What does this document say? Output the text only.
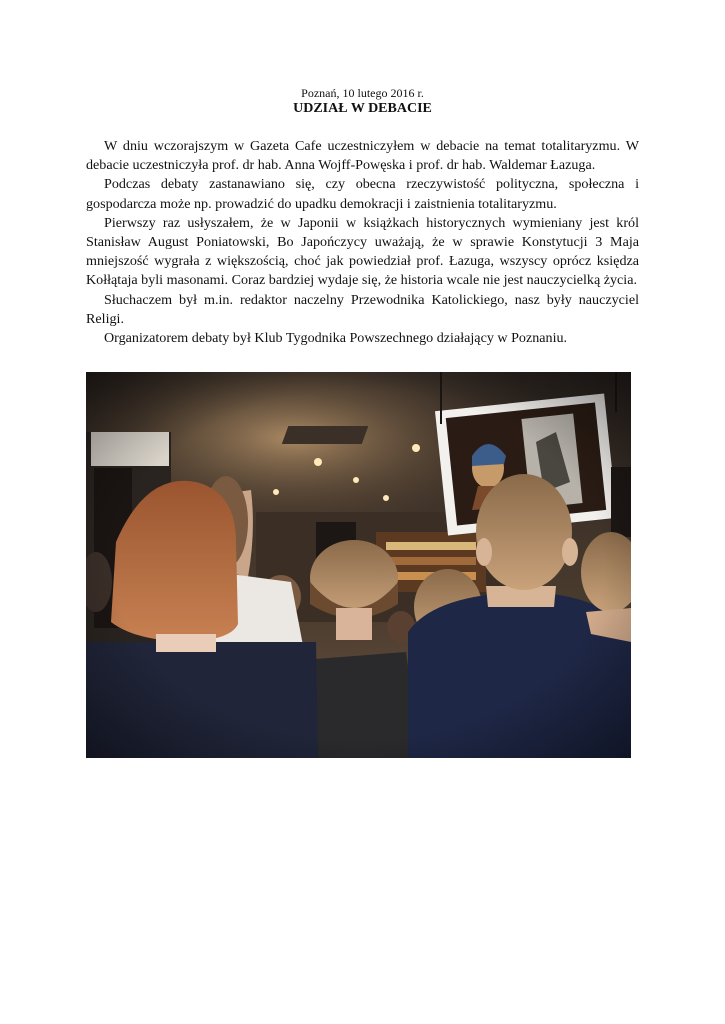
Poznań, 10 lutego 2016 r.
UDZIAŁ W DEBACIE

W dniu wczorajszym w Gazeta Cafe uczestniczyłem w debacie na temat totalitaryzmu. W debacie uczestniczyła prof. dr hab. Anna Wojff-Powęska i prof. dr hab. Waldemar Łazuga.

Podczas debaty zastanawiano się, czy obecna rzeczywistość polityczna, społeczna i gospodarcza może np. prowadzić do upadku demokracji i zaistnienia totalitaryzmu.

Pierwszy raz usłyszałem, że w Japonii w książkach historycznych wymieniany jest król Stanisław August Poniatowski, Bo Japończycy uważają, że w sprawie Konstytucji 3 Maja mniejszość wygrała z większością, choć jak powiedział prof. Łazuga, wszyscy oprócz księdza Kołłątaja byli masonami. Coraz bardziej wydaje się, że historia wcale nie jest nauczycielką życia.

Słuchaczem był m.in. redaktor naczelny Przewodnika Katolickiego, nasz były nauczyciel Religi.

Organizatorem debaty był Klub Tygodnika Powszechnego działający w Poznaniu.
